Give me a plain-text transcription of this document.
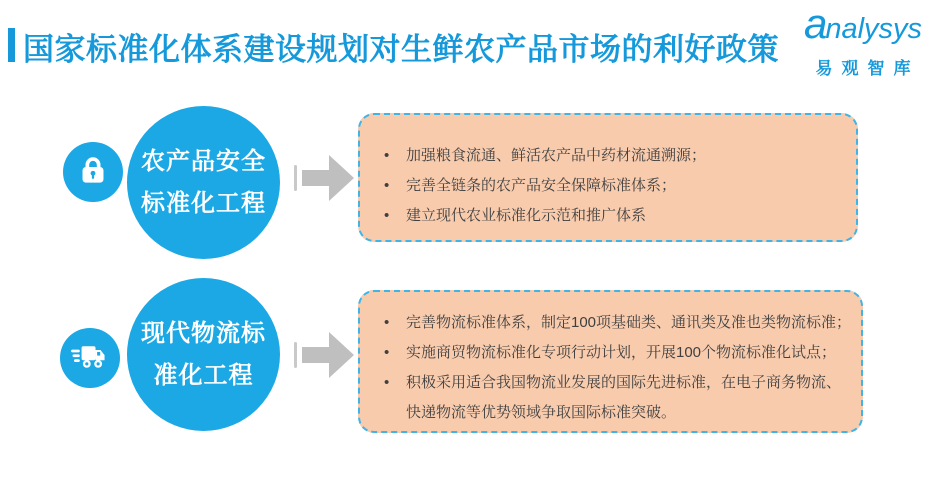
国家标准化体系建设规划对生鲜农产品市场的利好政策
analysys
易观智库
农产品安全
标准化工程
•	加强粮食流通、鲜活农产品中药材流通溯源；
•	完善全链条的农产品安全保障标准体系；
•	建立现代农业标准化示范和推广体系
现代物流标
准化工程
•	完善物流标准体系，制定100项基础类、通讯类及准也类物流标准；
•	实施商贸物流标准化专项行动计划，开展100个物流标准化试点；
•	积极采用适合我国物流业发展的国际先进标准，在电子商务物流、快递物流等优势领域争取国际标准突破。
